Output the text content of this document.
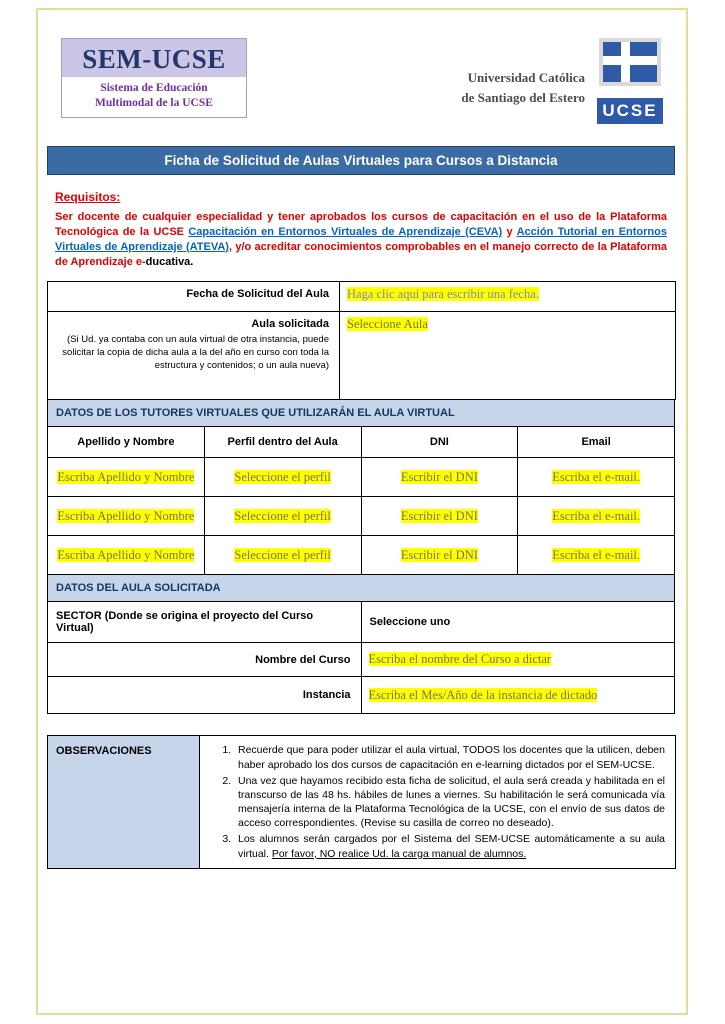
SEM-UCSE
Sistema de Educación
Multimodal de la UCSE
Universidad Católica
de Santiago del Estero
UCSE
Ficha de Solicitud de Aulas Virtuales para Cursos a Distancia
Requisitos:
Ser docente de cualquier especialidad y tener aprobados los cursos de capacitación en el uso de la Plataforma Tecnológica de la UCSE Capacitación en Entornos Virtuales de Aprendizaje (CEVA) y Acción Tutorial en Entornos Virtuales de Aprendizaje (ATEVA), y/o acreditar conocimientos comprobables en el manejo correcto de la Plataforma de Aprendizaje e-ducativa.
Fecha de Solicitud del Aula	Haga clic aquí para escribir una fecha.
Aula solicitada
(Si Ud. ya contaba con un aula virtual de otra instancia, puede solicitar la copia de dicha aula a la del año en curso con toda la estructura y contenidos; o un aula nueva)	Seleccione Aula
DATOS DE LOS TUTORES VIRTUALES QUE UTILIZARÁN EL AULA VIRTUAL			
Apellido y Nombre	Perfil dentro del Aula	DNI	Email
Escriba Apellido y Nombre	Seleccione el perfil	Escribir el DNI	Escriba el e-mail.
Escriba Apellido y Nombre	Seleccione el perfil	Escribir el DNI	Escriba el e-mail.
Escriba Apellido y Nombre	Seleccione el perfil	Escribir el DNI	Escriba el e-mail.
DATOS DEL AULA SOLICITADA	
SECTOR (Donde se origina el proyecto del Curso Virtual)	Seleccione uno
Nombre del Curso	Escriba el nombre del Curso a dictar
Instancia	Escriba el Mes/Año de la instancia de dictado
OBSERVACIONES	
1.Recuerde que para poder utilizar el aula virtual, TODOS los docentes que la utilicen, deben haber aprobado los dos cursos de capacitación en e-learning dictados por el SEM-UCSE.
2. Una vez que hayamos recibido esta ficha de solicitud, el aula será creada y habilitada en el transcurso de las 48 hs. hábiles de lunes a viernes. Su habilitación le será comunicada vía mensajería interna de la Plataforma Tecnológica de la UCSE, con el envío de sus datos de acceso correspondientes. (Revise su casilla de correo no deseado).
3. Los alumnos serán cargados por el Sistema del SEM-UCSE automáticamente a su aula virtual. Por favor, NO realice Ud. la carga manual de alumnos.
